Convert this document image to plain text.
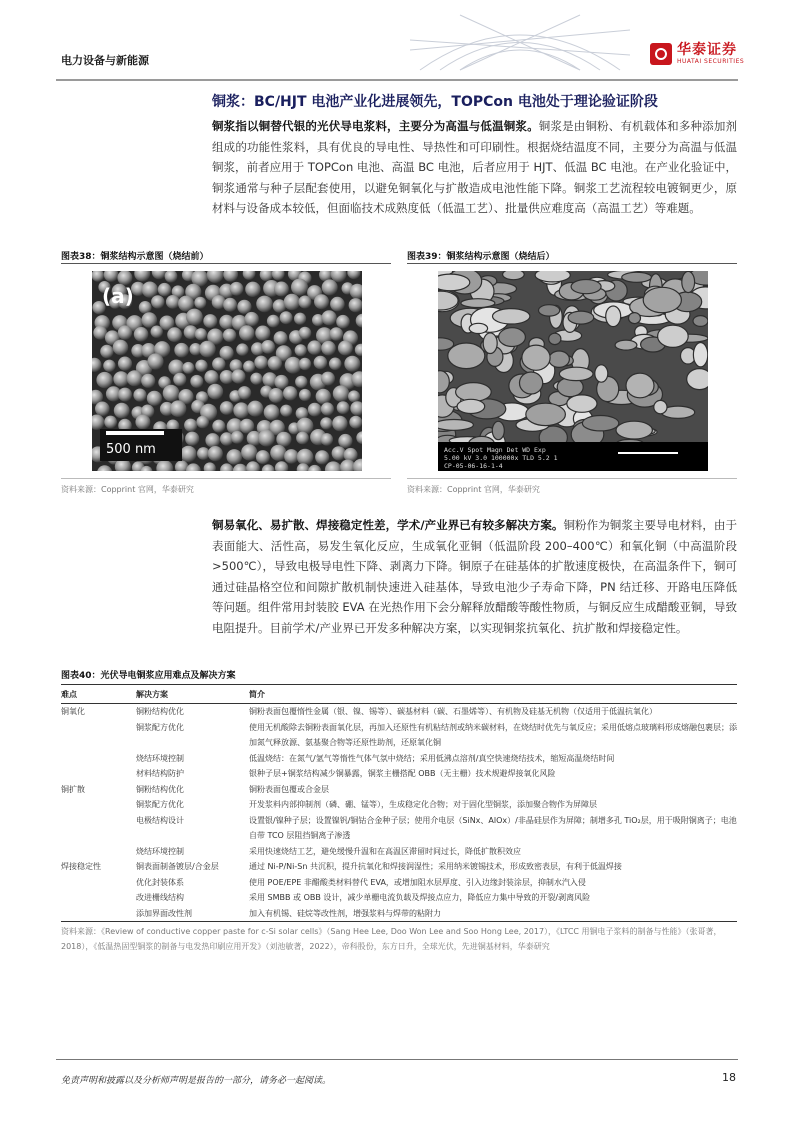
电力设备与新能源
华泰证券
HUATAI SECURITIES
铜浆：BC/HJT 电池产业化进展领先，TOPCon 电池处于理论验证阶段
铜浆指以铜替代银的光伏导电浆料，主要分为高温与低温铜浆。铜浆是由铜粉、有机载体和多种添加剂组成的功能性浆料，具有优良的导电性、导热性和可印刷性。根据烧结温度不同，主要分为高温与低温铜浆，前者应用于 TOPCon 电池、高温 BC 电池，后者应用于 HJT、低温 BC 电池。在产业化验证中，铜浆通常与种子层配套使用，以避免铜氧化与扩散造成电池性能下降。铜浆工艺流程较电镀铜更少，原材料与设备成本较低，但面临技术成熟度低（低温工艺）、批量供应难度高（高温工艺）等难题。
图表38：铜浆结构示意图（烧结前）
(a)
500 nm
资料来源：Copprint 官网，华泰研究
图表39：铜浆结构示意图（烧结后）
Acc.V Spot Magn Det WD Exp
5.00 kV 3.0 100000x TLD 5.2 1
CP-05-06-16-1-4
资料来源：Copprint 官网，华泰研究
铜易氧化、易扩散、焊接稳定性差，学术/产业界已有较多解决方案。铜粉作为铜浆主要导电材料，由于表面能大、活性高，易发生氧化反应，生成氧化亚铜（低温阶段 200–400℃）和氧化铜（中高温阶段>500℃），导致电极导电性下降、剥离力下降。铜原子在硅基体的扩散速度极快，在高温条件下，铜可通过硅晶格空位和间隙扩散机制快速进入硅基体，导致电池少子寿命下降，PN 结迁移、开路电压降低等问题。组件常用封装胶 EVA 在光热作用下会分解释放醋酸等酸性物质，与铜反应生成醋酸亚铜，导致电阻提升。目前学术/产业界已开发多种解决方案，以实现铜浆抗氧化、抗扩散和焊接稳定性。
图表40：光伏导电铜浆应用难点及解决方案
难点	解决方案	简介
铜氧化	铜粉结构优化	铜粉表面包覆惰性金属（银、镍、锡等）、碳基材料（碳、石墨烯等）、有机物及硅基无机物（仅适用于低温抗氧化）
铜浆配方优化	使用无机酸除去铜粉表面氧化层，再加入还原性有机粘结剂或纳米碳材料，在烧结时优先与氧反应；采用低熔点玻璃料形成熔融包裹层；添加氮气释放源、氨基聚合物等还原性助剂，还原氧化铜
烧结环境控制	低温烧结：在氮气/氩气等惰性气体气氛中烧结；采用低沸点溶剂/真空快速烧结技术，缩短高温烧结时间
材料结构防护	银种子层+铜浆结构减少铜暴露，铜浆主栅搭配 OBB（无主栅）技术规避焊接氧化风险
铜扩散	铜粉结构优化	铜粉表面包覆或合金层
铜浆配方优化	开发浆料内部抑制剂（磷、硼、锰等），生成稳定化合物；对于固化型铜浆，添加聚合物作为屏障层
电极结构设计	设置银/镍种子层；设置镍钒/铜钴合金种子层；使用介电层（SiNx、AlOx）/非晶硅层作为屏障；制增多孔 TiO₂层，用于吸附铜离子；电池自带 TCO 层阻挡铜离子渗透
烧结环境控制	采用快速烧结工艺，避免缓慢升温和在高温区滞留时间过长，降低扩散积效应
焊接稳定性	铜表面制备镀层/合金层	通过 Ni-P/Ni-Sn 共沉积，提升抗氧化和焊接润湿性；采用纳米镀锡技术，形成致密表层，有利于低温焊接
优化封装体系	使用 POE/EPE 非醋酸类材料替代 EVA，或增加阻水层厚度、引入边缘封装涂层，抑制水汽入侵
改进栅线结构	采用 SMBB 或 OBB 设计，减少单栅电流负载及焊接点应力，降低应力集中导致的开裂/剥离风险
添加界面改性剂	加入有机锡、硅烷等改性剂，增强浆料与焊带的粘附力
资料来源：《Review of conductive copper paste for c-Si solar cells》（Sang Hee Lee, Doo Won Lee and Soo Hong Lee, 2017），《LTCC 用铜电子浆料的制备与性能》（张哥著，2018），《低温热固型铜浆的制备与电发热印刷应用开发》（刘池敏著，2022），帝科股份，东方日升，全球光伏，先进铜基材料，华泰研究
免责声明和披露以及分析师声明是报告的一部分，请务必一起阅读。	18
